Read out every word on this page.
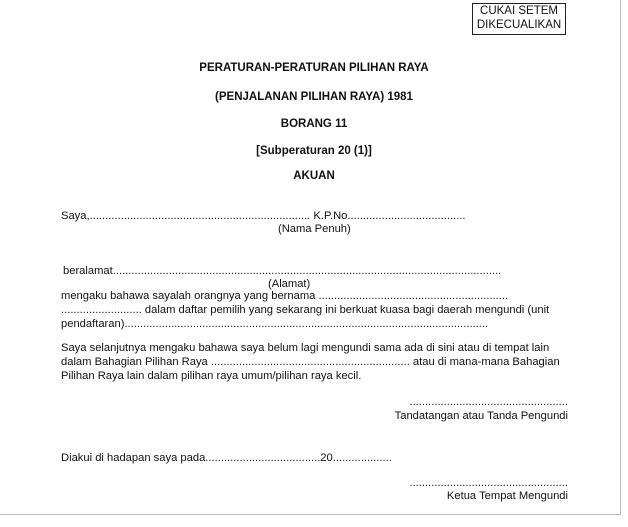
CUKAI SETEM
DIKECUALIKAN
PERATURAN-PERATURAN PILIHAN RAYA
(PENJALANAN PILIHAN RAYA) 1981
BORANG 11
[Subperaturan 20 (1)]
AKUAN
Saya,....................................................................... K.P.No......................................
(Nama Penuh)
beralamat.............................................................................................................................
(Alamat)
mengaku bahawa sayalah orangnya yang bernama .............................................................
.......................... dalam daftar pemilih yang sekarang ini berkuat kuasa bagi daerah mengundi (unit
pendaftaran).....................................................................................................................
Saya selanjutnya mengaku bahawa saya belum lagi mengundi sama ada di sini atau di tempat lain
dalam Bahagian Pilihan Raya ................................................................ atau di mana-mana Bahagian
Pilihan Raya lain dalam pilihan raya umum/pilihan raya kecil.
...................................................
Tandatangan atau Tanda Pengundi
Diakui di hadapan saya pada.....................................20...................
...................................................
Ketua Tempat Mengundi
